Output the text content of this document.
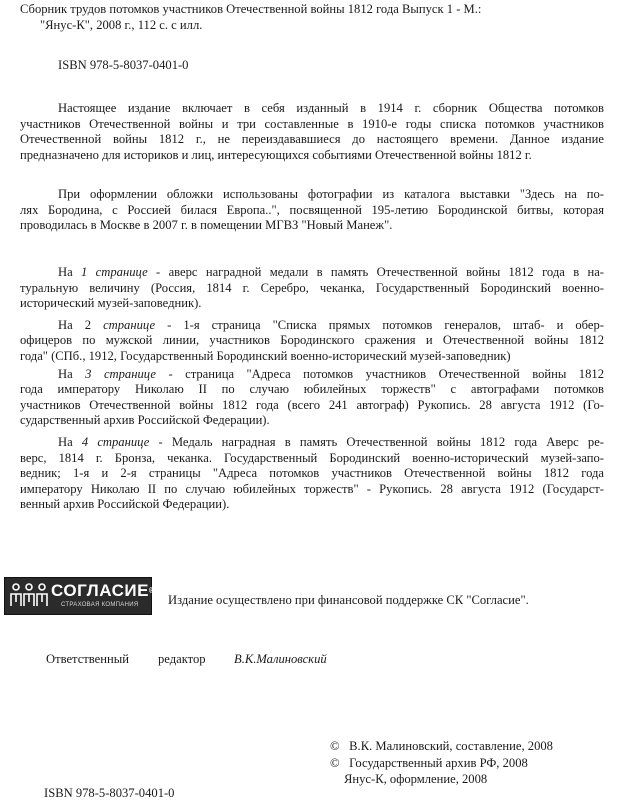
Сборник трудов потомков участников Отечественной войны 1812 года Выпуск 1 - М.:
"Янус-К", 2008 г., 112 с. с илл.
ISBN 978-5-8037-0401-0
Настоящее издание включает в себя изданный в 1914 г. сборник Общества потомков
участников Отечественной войны и три составленные в 1910-е годы списка потомков участников
Отечественной войны 1812 г., не переиздававшиеся до настоящего времени. Данное издание
предназначено для историков и лиц, интересующихся событиями Отечественной войны 1812 г.
При оформлении обложки использованы фотографии из каталога выставки "Здесь на по-
лях Бородина, с Россией билася Европа..", посвященной 195-летию Бородинской битвы, которая
проводилась в Москве в 2007 г. в помещении МГВЗ "Новый Манеж".
На 1 странице - аверс наградной медали в память Отечественной войны 1812 года в на-
туральную величину (Россия, 1814 г. Серебро, чеканка, Государственный Бородинский военно-
исторический музей-заповедник).
На 2 странице - 1-я страница "Списка прямых потомков генералов, штаб- и обер-
офицеров по мужской линии, участников Бородинского сражения и Отечественной войны 1812
года" (СПб., 1912, Государственный Бородинский военно-исторический музей-заповедник)
На 3 странице - страница "Адреса потомков участников Отечественной войны 1812
года императору Николаю II по случаю юбилейных торжеств" с автографами потомков
участников Отечественной войны 1812 года (всего 241 автограф) Рукопись. 28 августа 1912 (Го-
сударственный архив Российской Федерации).
На 4 странице - Медаль наградная в память Отечественной войны 1812 года Аверс ре-
верс, 1814 г. Бронза, чеканка. Государственный Бородинский военно-исторический музей-запо-
ведник; 1-я и 2-я страницы "Адреса потомков участников Отечественной войны 1812 года
императору Николаю II по случаю юбилейных торжеств" - Рукопись. 28 августа 1912 (Государст-
венный архив Российской Федерации).
СОГЛАСИЕ®
СТРАХОВАЯ КОМПАНИЯ Издание осуществлено при финансовой поддержке СК "Согласие".
Ответственный редактор В.К.Малиновский
© В.К. Малиновский, составление, 2008
© Государственный архив РФ, 2008
Янус-К, оформление, 2008
ISBN 978-5-8037-0401-0
